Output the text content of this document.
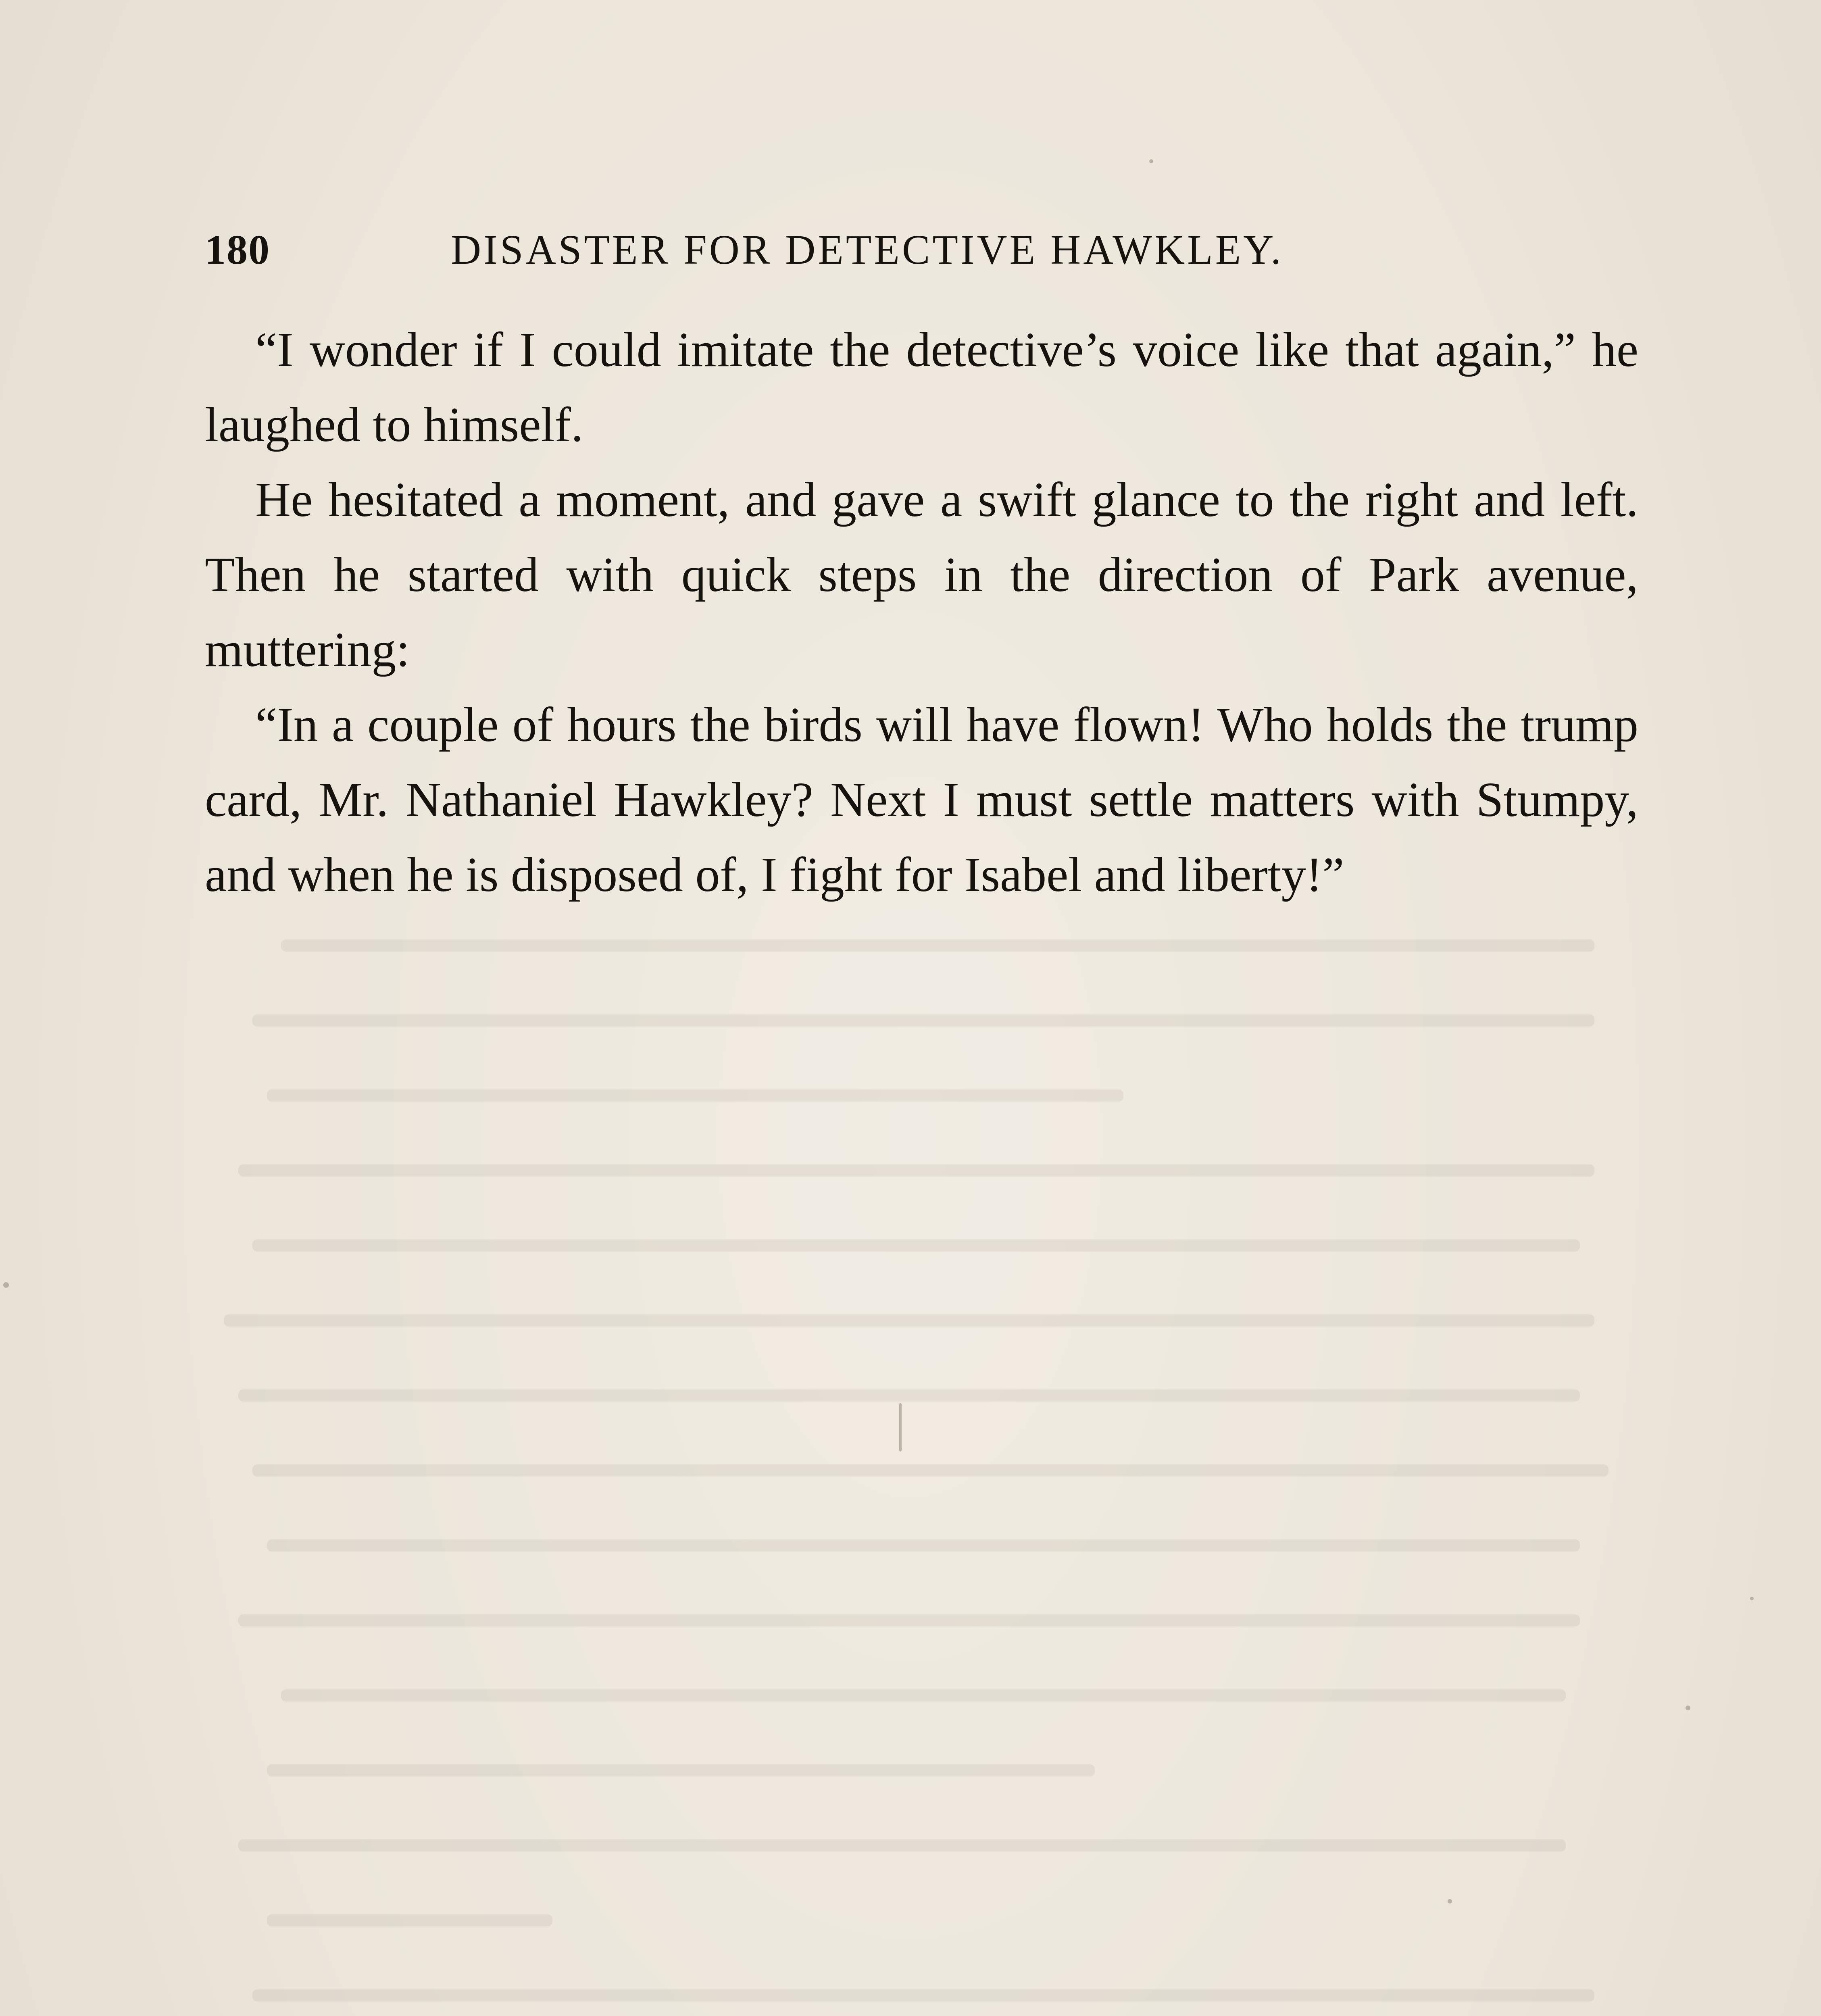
180	DISASTER FOR DETECTIVE HAWKLEY.

“I wonder if I could imitate the detective’s voice like that again,” he laughed to himself.

He hesitated a moment, and gave a swift glance to the right and left. Then he started with quick steps in the direction of Park avenue, muttering:

“In a couple of hours the birds will have flown! Who holds the trump card, Mr. Nathaniel Hawkley? Next I must settle matters with Stumpy, and when he is disposed of, I fight for Isabel and liberty!”
